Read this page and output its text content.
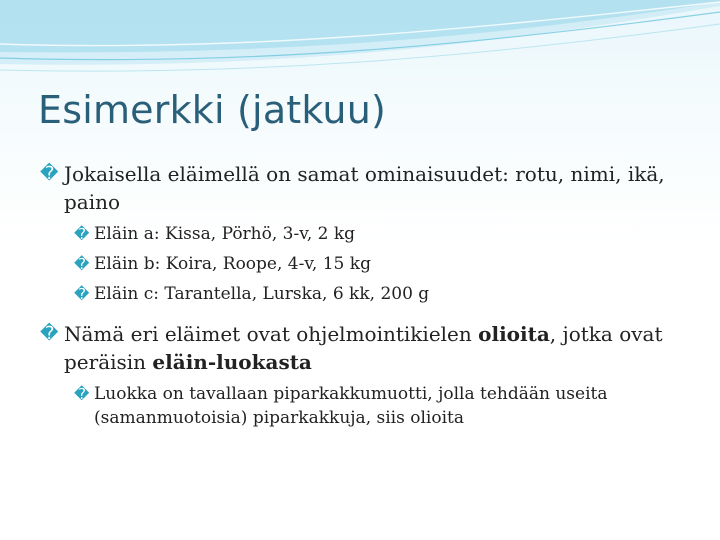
Esimerkki (jatkuu)
� Jokaisella eläimellä on samat ominaisuudet: rotu, nimi, ikä, paino
� Eläin a: Kissa, Pörhö, 3-v, 2 kg
� Eläin b: Koira, Roope, 4-v, 15 kg
� Eläin c: Tarantella, Lurska, 6 kk, 200 g
� Nämä eri eläimet ovat ohjelmointikielen olioita, jotka ovat peräisin eläin-luokasta
� Luokka on tavallaan piparkakkumuotti, jolla tehdään useita (samanmuotoisia) piparkakkuja, siis olioita
